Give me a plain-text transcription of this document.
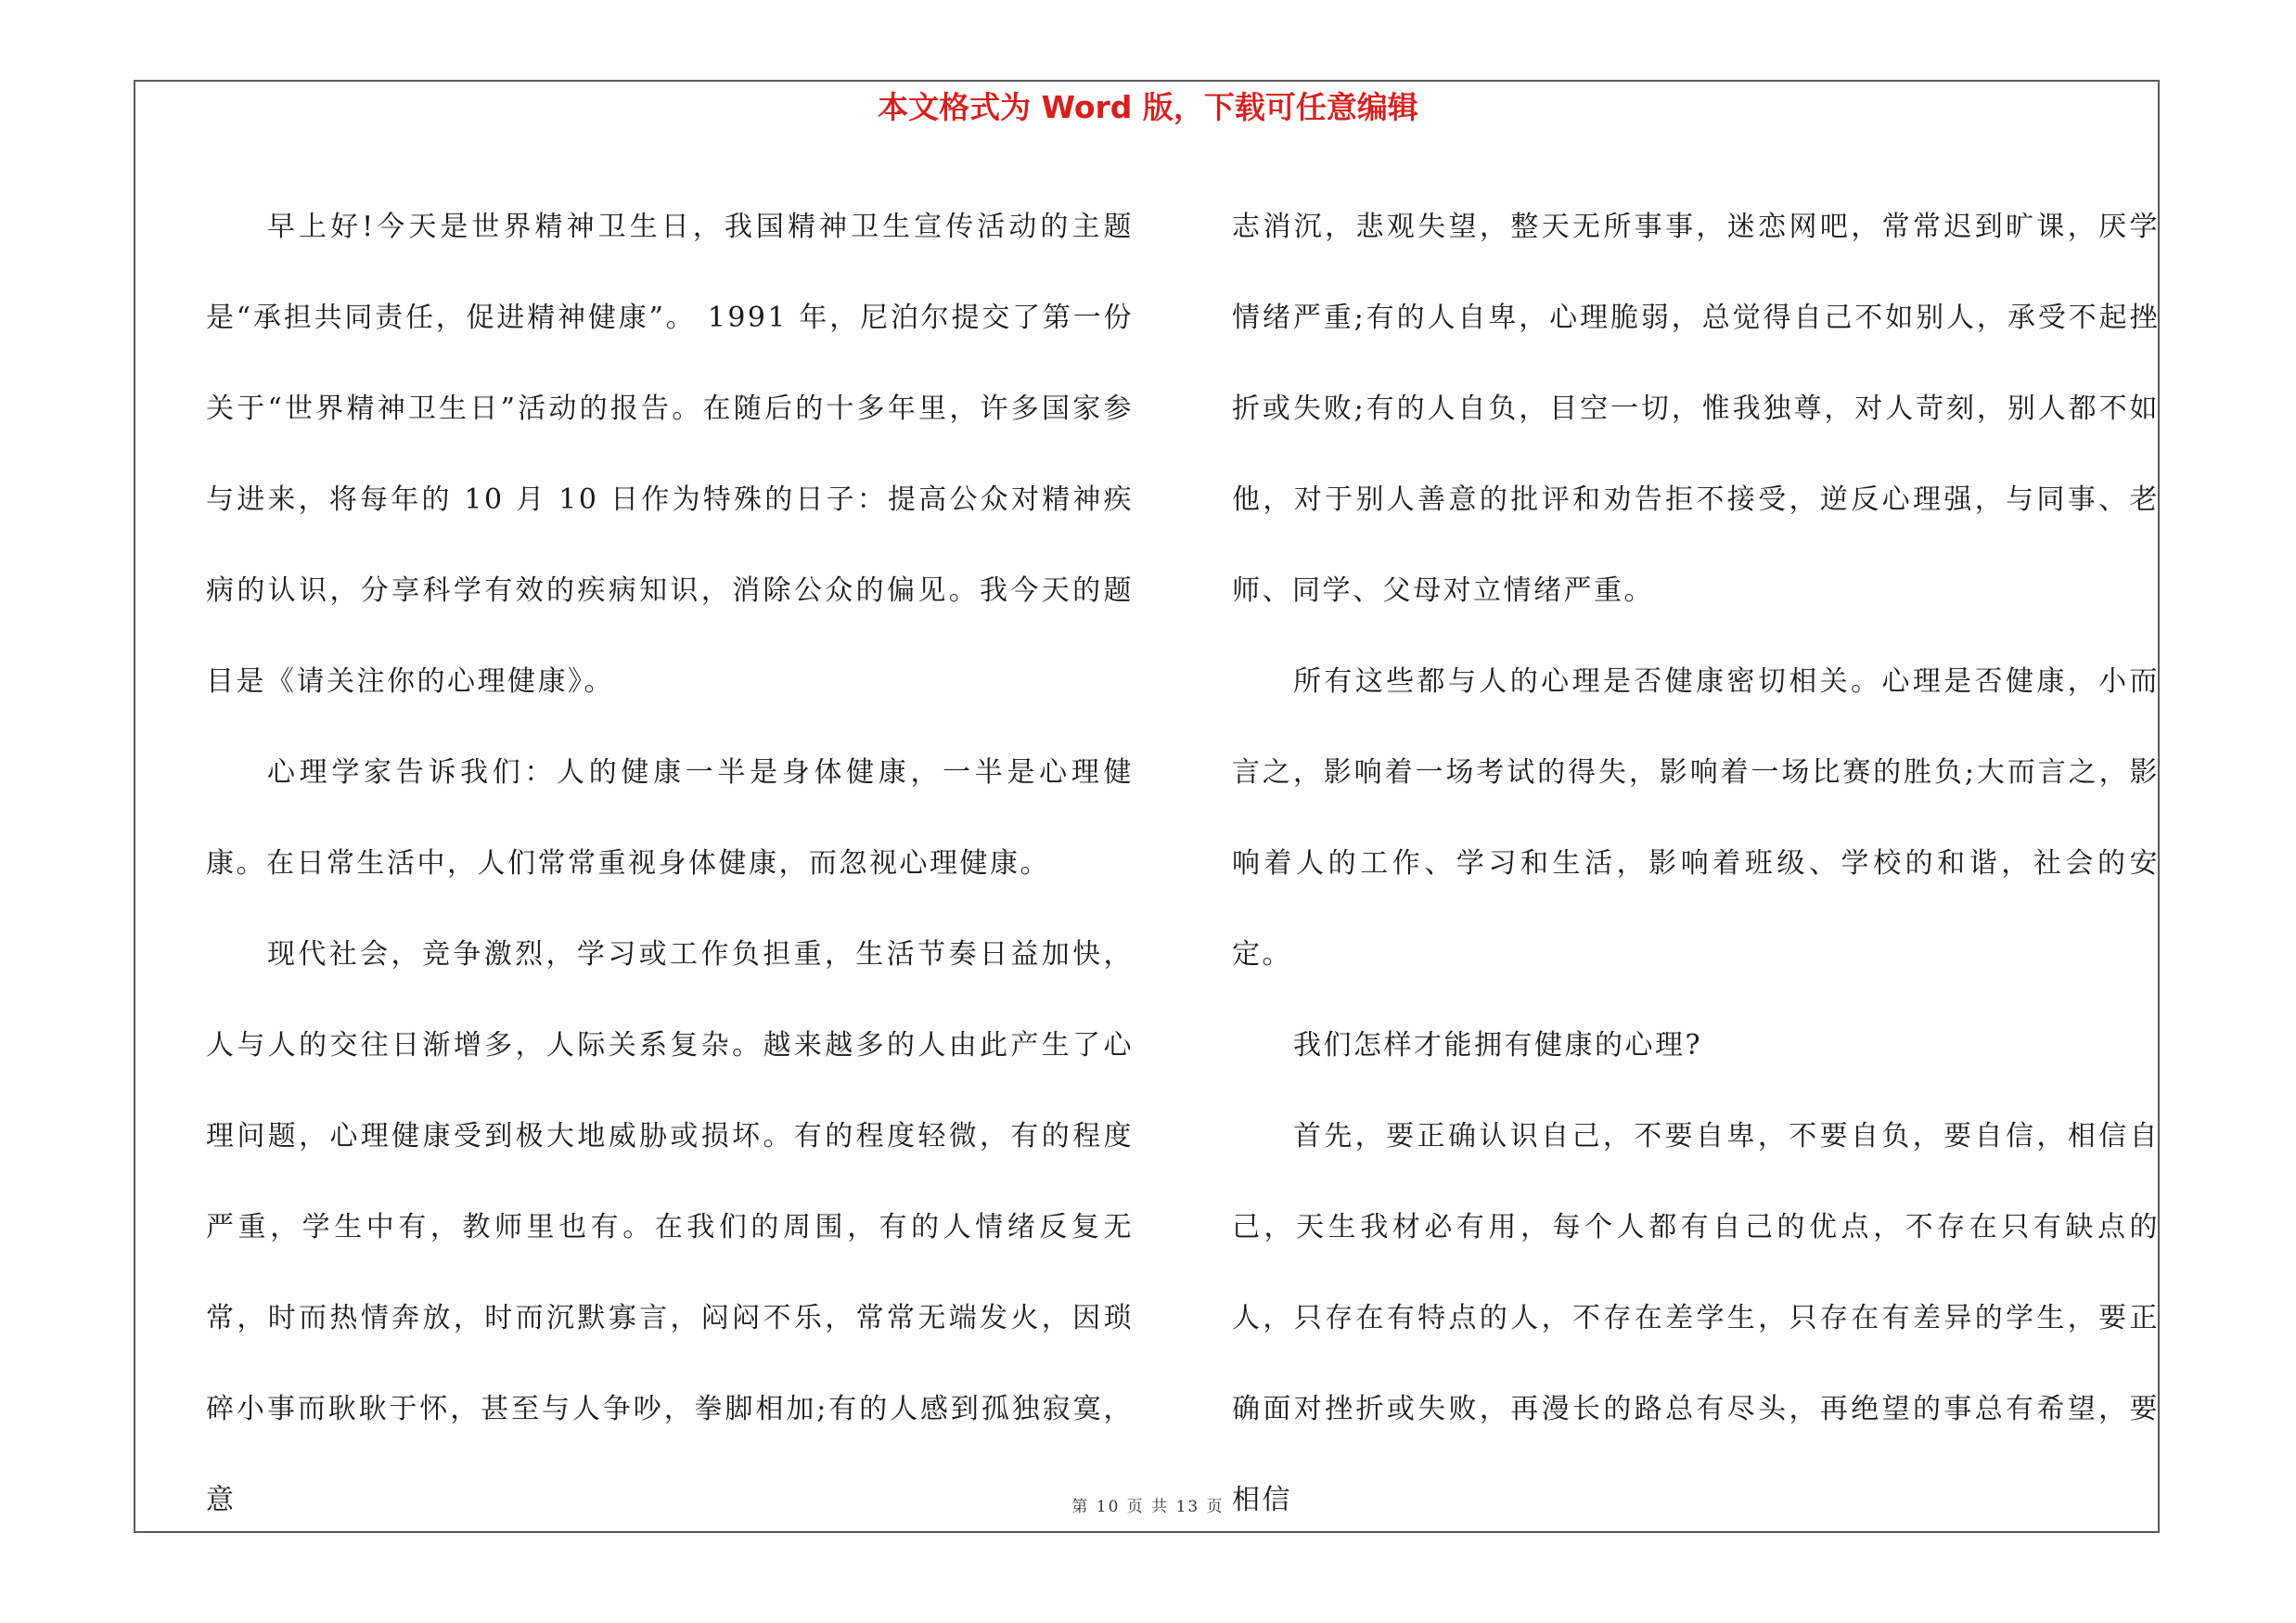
本文格式为 Word 版，下载可任意编辑

早上好!今天是世界精神卫生日，我国精神卫生宣传活动的主题是“承担共同责任，促进精神健康”。 1991 年，尼泊尔提交了第一份关于“世界精神卫生日”活动的报告。在随后的十多年里，许多国家参与进来，将每年的 10 月 10 日作为特殊的日子：提高公众对精神疾病的认识，分享科学有效的疾病知识，消除公众的偏见。我今天的题目是《请关注你的心理健康》。

心理学家告诉我们：人的健康一半是身体健康，一半是心理健康。在日常生活中，人们常常重视身体健康，而忽视心理健康。

现代社会，竞争激烈，学习或工作负担重，生活节奏日益加快，人与人的交往日渐增多，人际关系复杂。越来越多的人由此产生了心理问题，心理健康受到极大地威胁或损坏。有的程度轻微，有的程度严重，学生中有，教师里也有。在我们的周围，有的人情绪反复无常，时而热情奔放，时而沉默寡言，闷闷不乐，常常无端发火，因琐碎小事而耿耿于怀，甚至与人争吵，拳脚相加;有的人感到孤独寂寞，意

志消沉，悲观失望，整天无所事事，迷恋网吧，常常迟到旷课，厌学情绪严重;有的人自卑，心理脆弱，总觉得自己不如别人，承受不起挫折或失败;有的人自负，目空一切，惟我独尊，对人苛刻，别人都不如他，对于别人善意的批评和劝告拒不接受，逆反心理强，与同事、老师、同学、父母对立情绪严重。

所有这些都与人的心理是否健康密切相关。心理是否健康，小而言之，影响着一场考试的得失，影响着一场比赛的胜负;大而言之，影响着人的工作、学习和生活，影响着班级、学校的和谐，社会的安定。

我们怎样才能拥有健康的心理?

首先，要正确认识自己，不要自卑，不要自负，要自信，相信自己，天生我材必有用，每个人都有自己的优点，不存在只有缺点的人，只存在有特点的人，不存在差学生，只存在有差异的学生，要正确面对挫折或失败，再漫长的路总有尽头，再绝望的事总有希望，要相信

第 10 页 共 13 页
